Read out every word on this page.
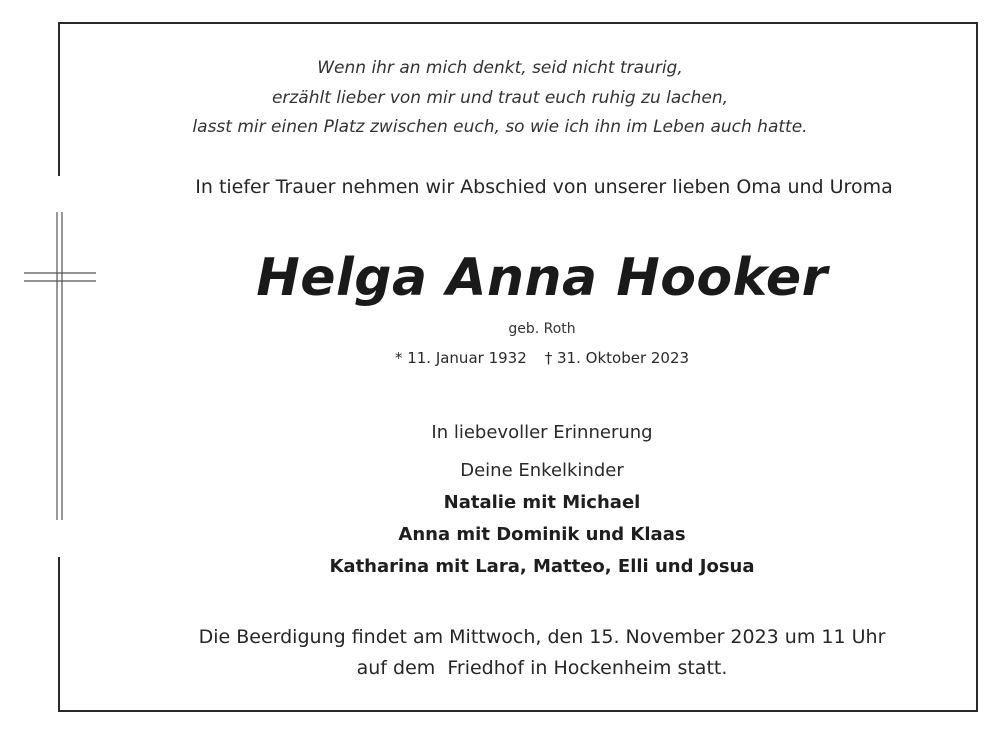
Wenn ihr an mich denkt, seid nicht traurig,
erzählt lieber von mir und traut euch ruhig zu lachen,
lasst mir einen Platz zwischen euch, so wie ich ihn im Leben auch hatte.
In tiefer Trauer nehmen wir Abschied von unserer lieben Oma und Uroma
Helga Anna Hooker
geb. Roth
* 11. Januar 1932 † 31. Oktober 2023
In liebevoller Erinnerung
Deine Enkelkinder
Natalie mit Michael
Anna mit Dominik und Klaas
Katharina mit Lara, Matteo, Elli und Josua
Die Beerdigung findet am Mittwoch, den 15. November 2023 um 11 Uhr
auf dem  Friedhof in Hockenheim statt.
